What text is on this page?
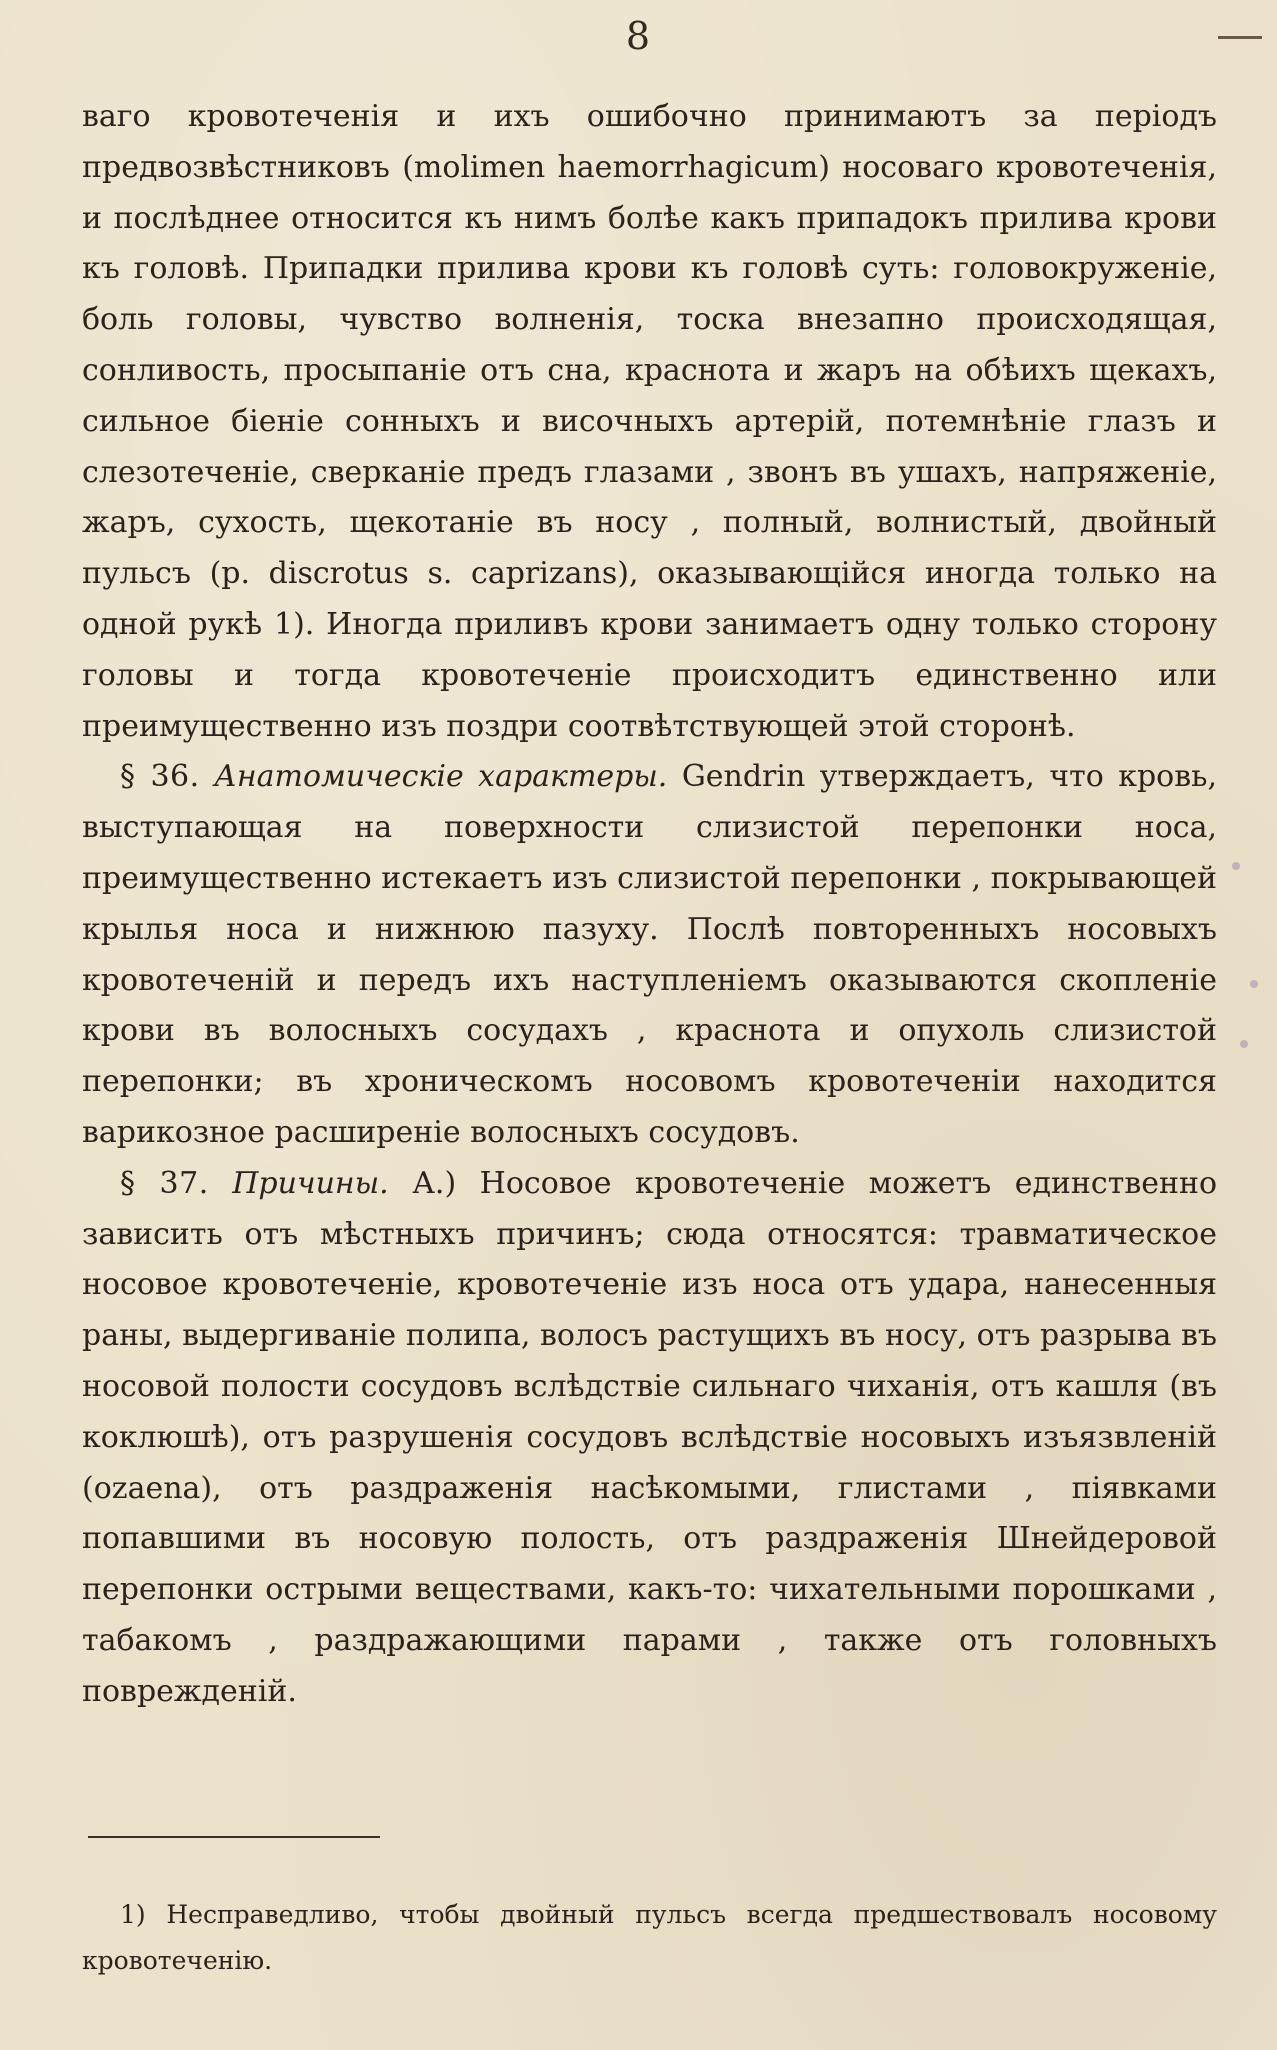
8

ваго кровотеченія и ихъ ошибочно принимаютъ за періодъ предвозвѣстниковъ (molimen haemorrhagicum) носоваго кровотеченія, и послѣднее относится къ нимъ болѣе какъ припадокъ прилива крови къ головѣ. Припадки прилива крови къ головѣ суть: головокруженіе, боль головы, чувство волненія, тоска внезапно происходящая, сонливость, просыпаніе отъ сна, краснота и жаръ на обѣихъ щекахъ, сильное біеніе сонныхъ и височныхъ артерій, потемнѣніе глазъ и слезотеченіе, сверканіе предъ глазами , звонъ въ ушахъ, напряженіе, жаръ, сухость, щекотаніе въ носу , полный, волнистый, двойный пульсъ (p. discrotus s. caprizans), оказывающійся иногда только на одной рукѣ 1). Иногда приливъ крови занимаетъ одну только сторону головы и тогда кровотеченіе происходитъ единственно или преимущественно изъ поздри соотвѣтствующей этой сторонѣ.

§ 36. Анатомическіе характеры. Gendrin утверждаетъ, что кровь, выступающая на поверхности слизистой перепонки носа, преимущественно истекаетъ изъ слизистой перепонки , покрывающей крылья носа и нижнюю пазуху. Послѣ повторенныхъ носовыхъ кровотеченій и передъ ихъ наступленіемъ оказываются скопленіе крови въ волосныхъ сосудахъ , краснота и опухоль слизистой перепонки; въ хроническомъ носовомъ кровотеченіи находится варикозное расширеніе волосныхъ сосудовъ.

§ 37. Причины. А.) Носовое кровотеченіе можетъ единственно зависить отъ мѣстныхъ причинъ; сюда относятся: травматическое носовое кровотеченіе, кровотеченіе изъ носа отъ удара, нанесенныя раны, выдергиваніе полипа, волосъ растущихъ въ носу, отъ разрыва въ носовой полости сосудовъ вслѣдствіе сильнаго чиханія, отъ кашля (въ коклюшѣ), отъ разрушенія сосудовъ вслѣдствіе носовыхъ изъязвленій (ozaena), отъ раздраженія насѣкомыми, глистами , піявками попавшими въ носовую полость, отъ раздраженія Шнейдеровой перепонки острыми веществами, какъ-то: чихательными порошками , табакомъ , раздражающими парами , также отъ головныхъ поврежденій.

1) Несправедливо, чтобы двойный пульсъ всегда предшествовалъ носовому кровотеченію.
